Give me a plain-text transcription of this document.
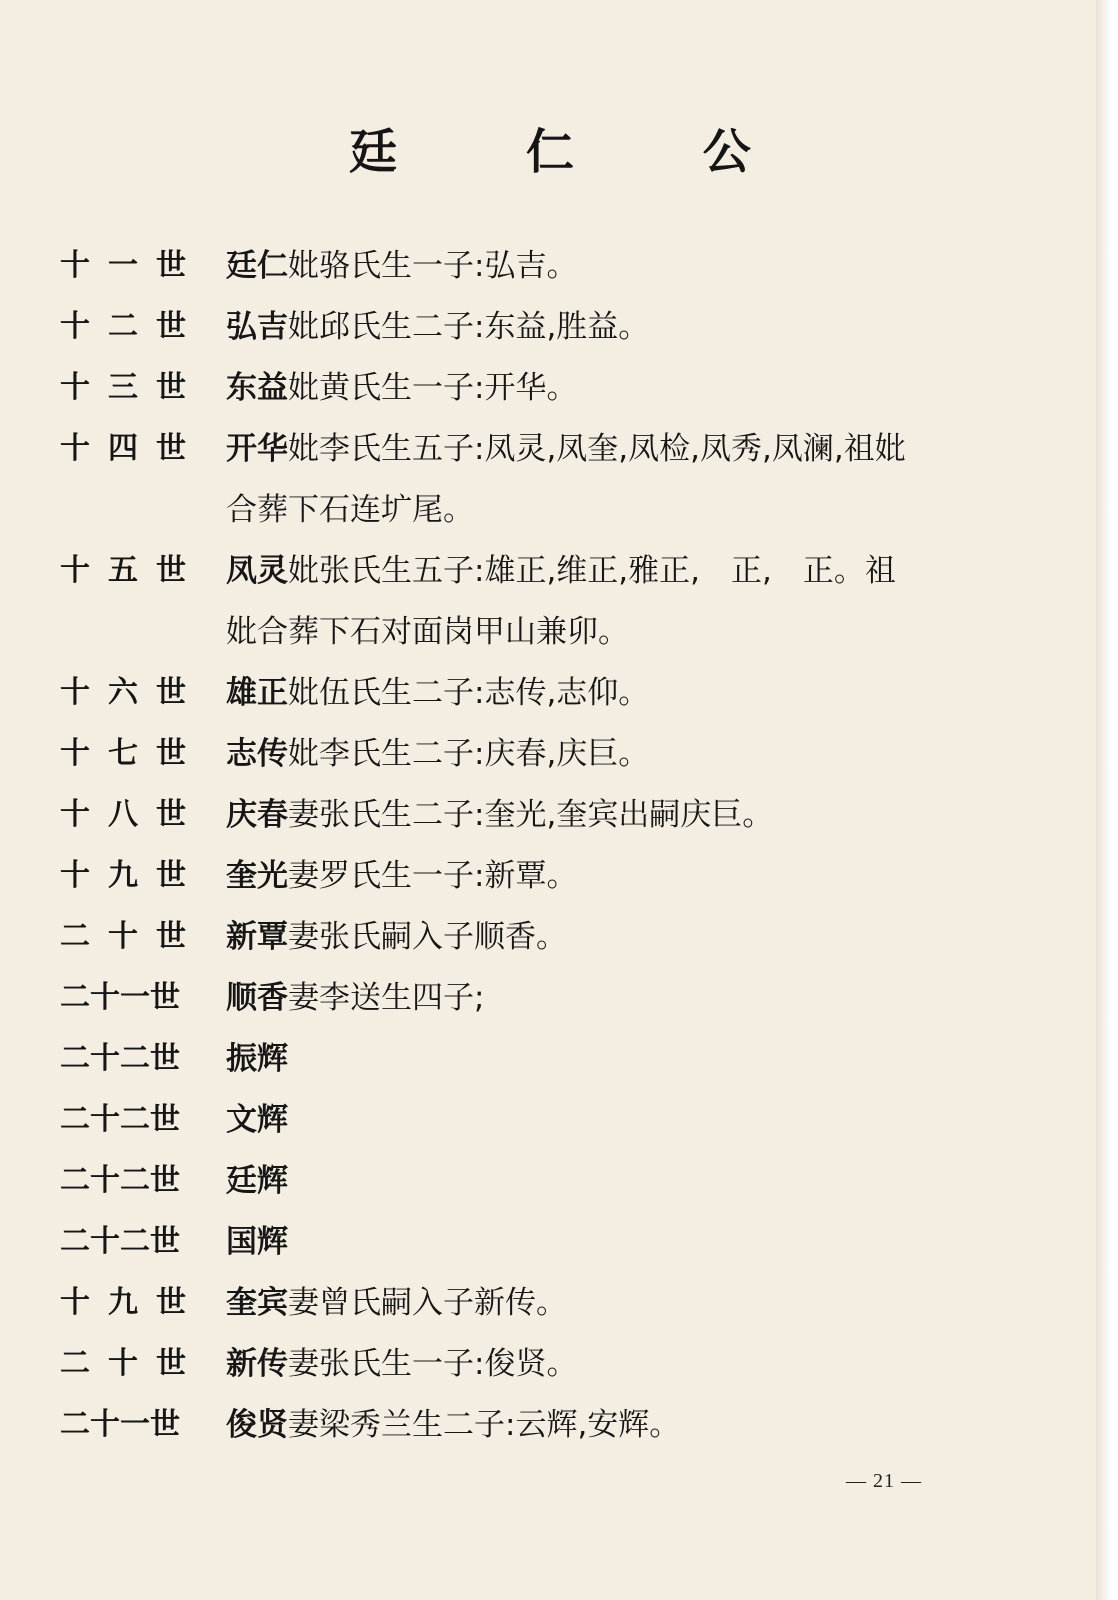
廷 仁 公
十一世 廷仁妣骆氏生一子:弘吉。
十二世 弘吉妣邱氏生二子:东益,胜益。
十三世 东益妣黄氏生一子:开华。
十四世 开华妣李氏生五子:凤灵,凤奎,凤检,凤秀,凤澜,祖妣
合葬下石连圹尾。
十五世 凤灵妣张氏生五子:雄正,维正,雅正,　正,　正。祖
妣合葬下石对面岗甲山兼卯。
十六世 雄正妣伍氏生二子:志传,志仰。
十七世 志传妣李氏生二子:庆春,庆巨。
十八世 庆春妻张氏生二子:奎光,奎宾出嗣庆巨。
十九世 奎光妻罗氏生一子:新覃。
二十世 新覃妻张氏嗣入子顺香。
二十一世	顺香妻李送生四子;
二十二世	振辉
二十二世	文辉
二十二世	廷辉
二十二世	国辉
十九世 奎宾妻曾氏嗣入子新传。
二十世 新传妻张氏生一子:俊贤。
二十一世	俊贤妻梁秀兰生二子:云辉,安辉。
— 21 —
